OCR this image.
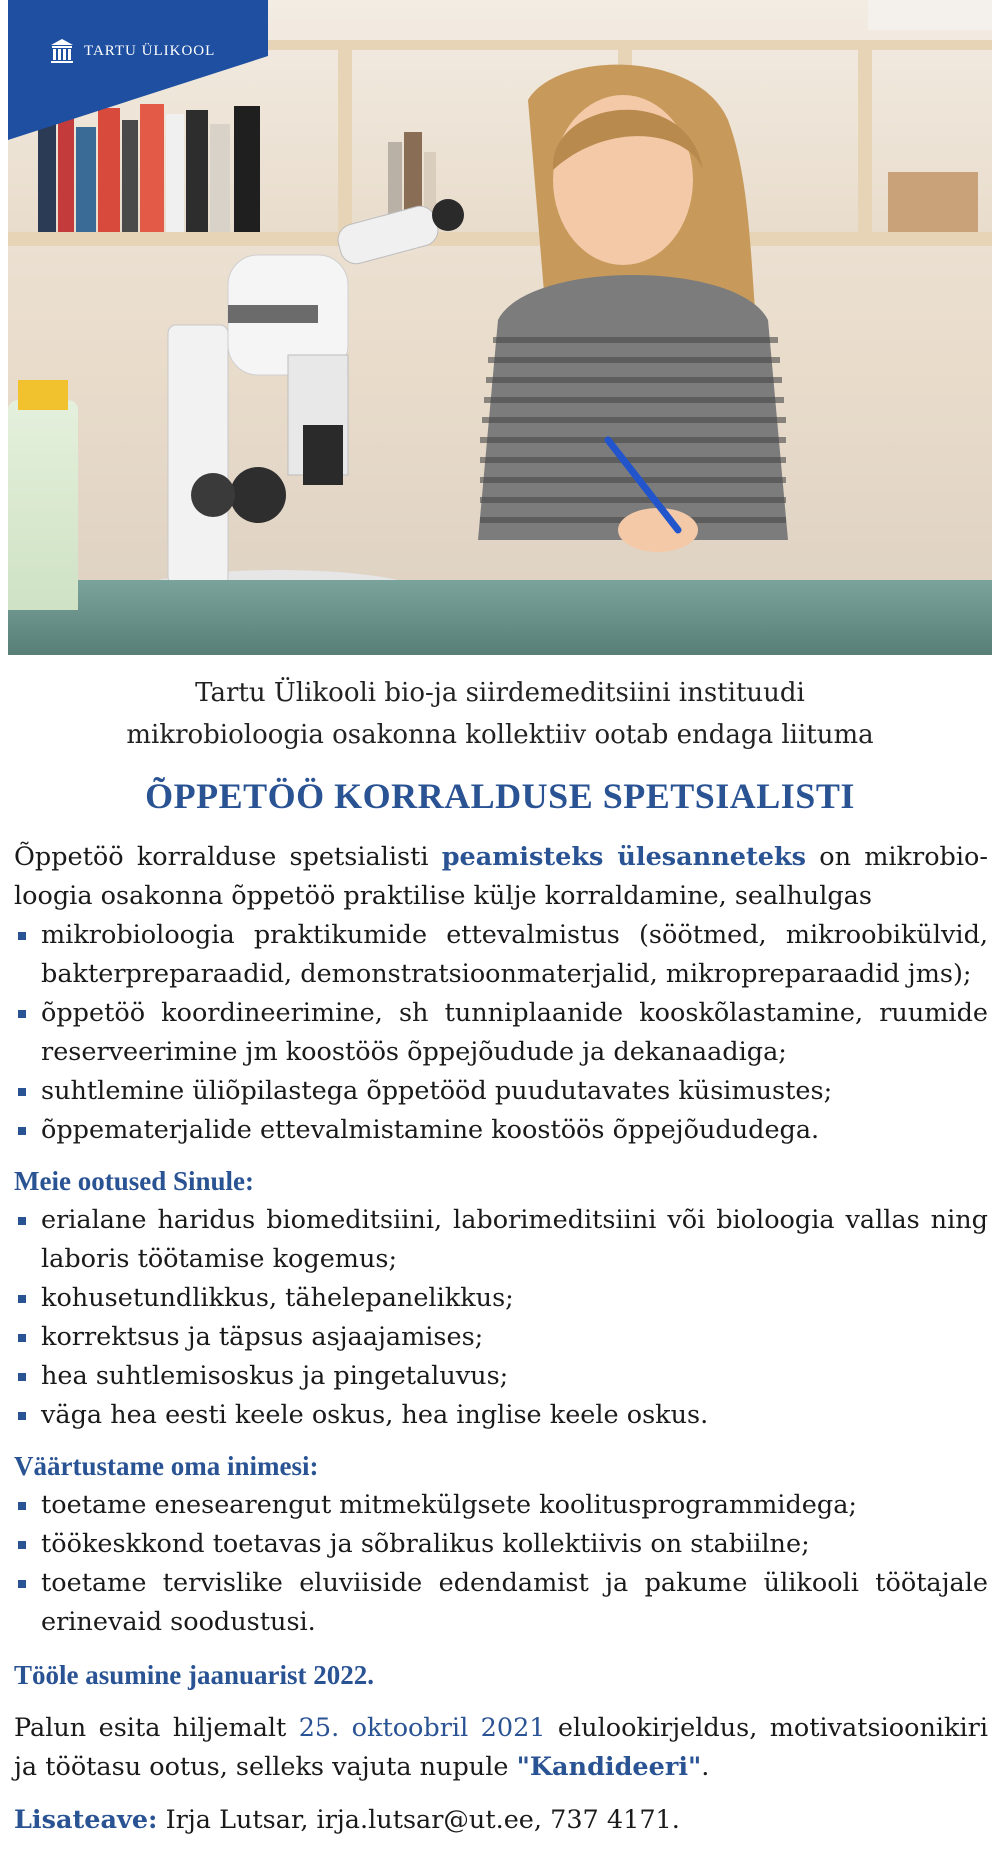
TARTU ÜLIKOOL
Tartu Ülikooli bio-ja siirdemeditsiini instituudi
mikrobioloogia osakonna kollektiiv ootab endaga liituma
ÕPPETÖÖ KORRALDUSE SPETSIALISTI

Õppetöö korralduse spetsialisti peamisteks ülesanneteks on mikrobioloogia osakonna õppetöö praktilise külje korraldamine, sealhulgas

mikrobioloogia praktikumide ettevalmistus (söötmed, mikroobikülvid, bakterpreparaadid, demonstratsioonmaterjalid, mikropreparaadid jms);
õppetöö koordineerimine, sh tunniplaanide kooskõlastamine, ruumide reserveerimine jm koostöös õppejõudude ja dekanaadiga;
suhtlemine üliõpilastega õppetööd puudutavates küsimustes;
õppematerjalide ettevalmistamine koostöös õppejõududega.
Meie ootused Sinule:
erialane haridus biomeditsiini, laborimeditsiini või bioloogia vallas ning laboris töötamise kogemus;
kohusetundlikkus, tähelepanelikkus;
korrektsus ja täpsus asjaajamises;
hea suhtlemisoskus ja pingetaluvus;
väga hea eesti keele oskus, hea inglise keele oskus.
Väärtustame oma inimesi:
toetame enesearengut mitmekülgsete koolitusprogrammidega;
töökeskkond toetavas ja sõbralikus kollektiivis on stabiilne;
toetame tervislike eluviiside edendamist ja pakume ülikooli töötajale erinevaid soodustusi.
Tööle asumine jaanuarist 2022.

Palun esita hiljemalt 25. oktoobril 2021 elulookirjeldus, motivatsioonikiri ja töötasu ootus, selleks vajuta nupule "Kandideeri".

Lisateave: Irja Lutsar, irja.lutsar@ut.ee, 737 4171.
